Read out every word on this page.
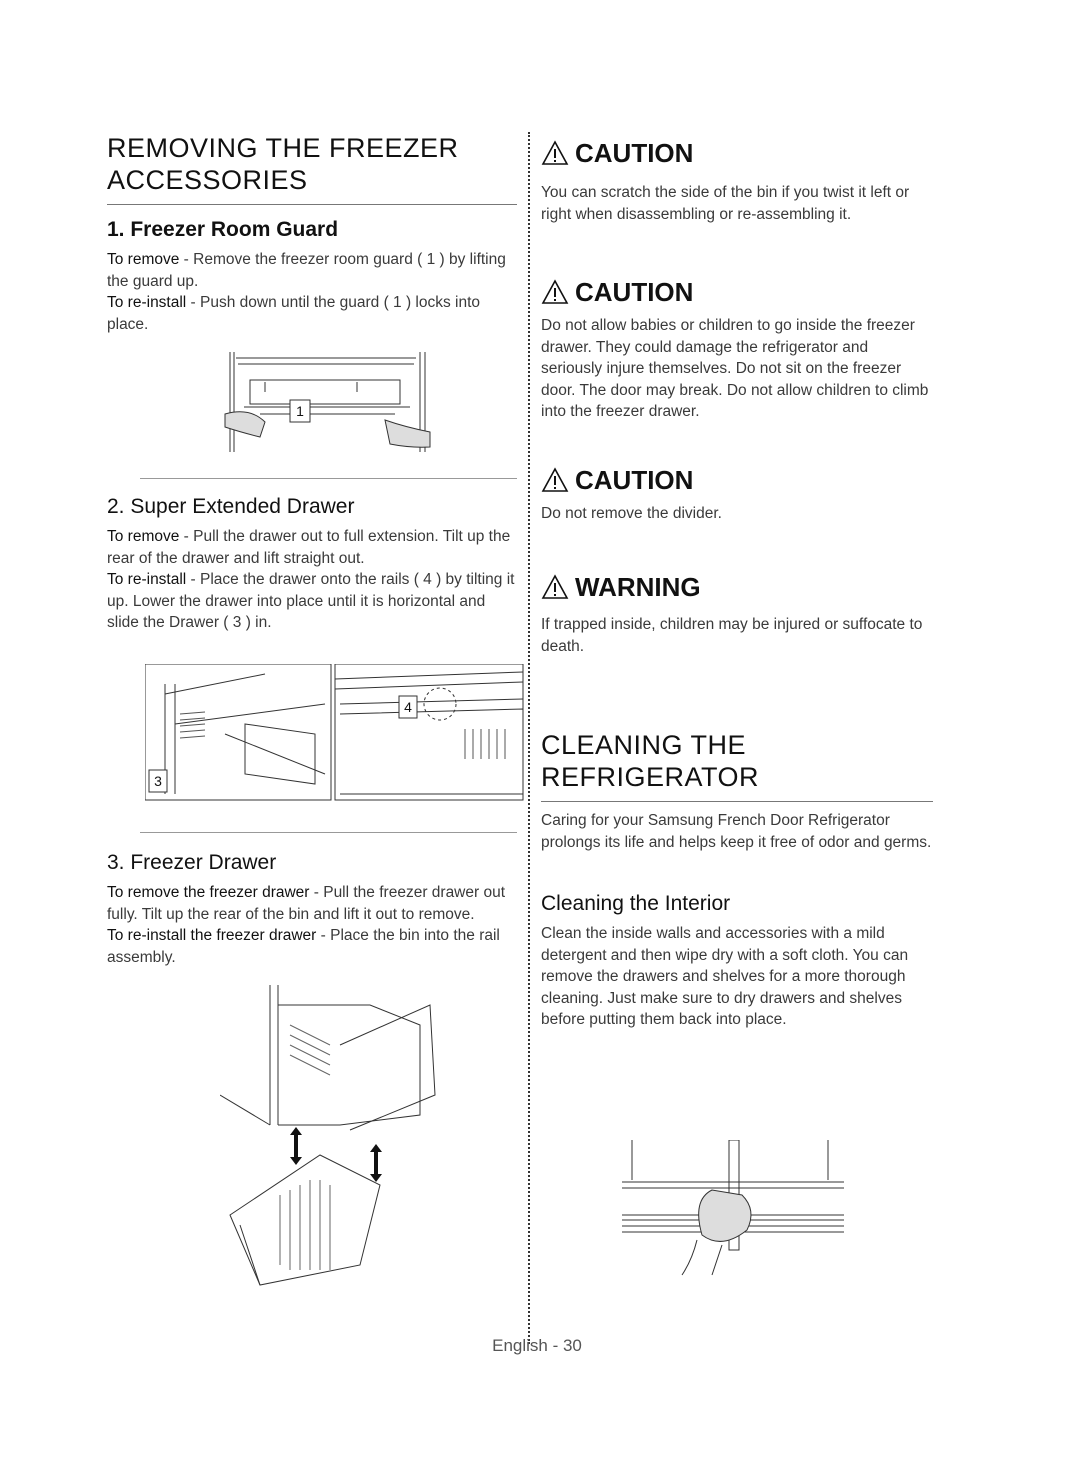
REMOVING THE FREEZER ACCESSORIES
1. Freezer Room Guard

To remove - Remove the freezer room guard ( 1 ) by lifting the guard up.

To re-install - Push down until the guard ( 1 ) locks into place.

1
2. Super Extended Drawer

To remove - Pull the drawer out to full extension. Tilt up the rear of the drawer and lift straight out.

To re-install - Place the drawer onto the rails ( 4 ) by tilting it up. Lower the drawer into place until it is horizontal and slide the Drawer ( 3 ) in.

3
4
3. Freezer Drawer

To remove the freezer drawer - Pull the freezer drawer out fully. Tilt up the rear of the bin and lift it out to remove.

To re-install the freezer drawer - Place the bin into the rail assembly.

CAUTION

You can scratch the side of the bin if you twist it left or right when disassembling or re-assembling it.

CAUTION

Do not allow babies or children to go inside the freezer drawer. They could damage the refrigerator and seriously injure themselves. Do not sit on the freezer door. The door may break. Do not allow children to climb into the freezer drawer.

CAUTION

Do not remove the divider.

WARNING

If trapped inside, children may be injured or suffocate to death.

CLEANING THE REFRIGERATOR

Caring for your Samsung French Door Refrigerator prolongs its life and helps keep it free of odor and germs.

Cleaning the Interior

Clean the inside walls and accessories with a mild detergent and then wipe dry with a soft cloth. You can remove the drawers and shelves for a more thorough cleaning. Just make sure to dry drawers and shelves before putting them back into place.

English - 30
